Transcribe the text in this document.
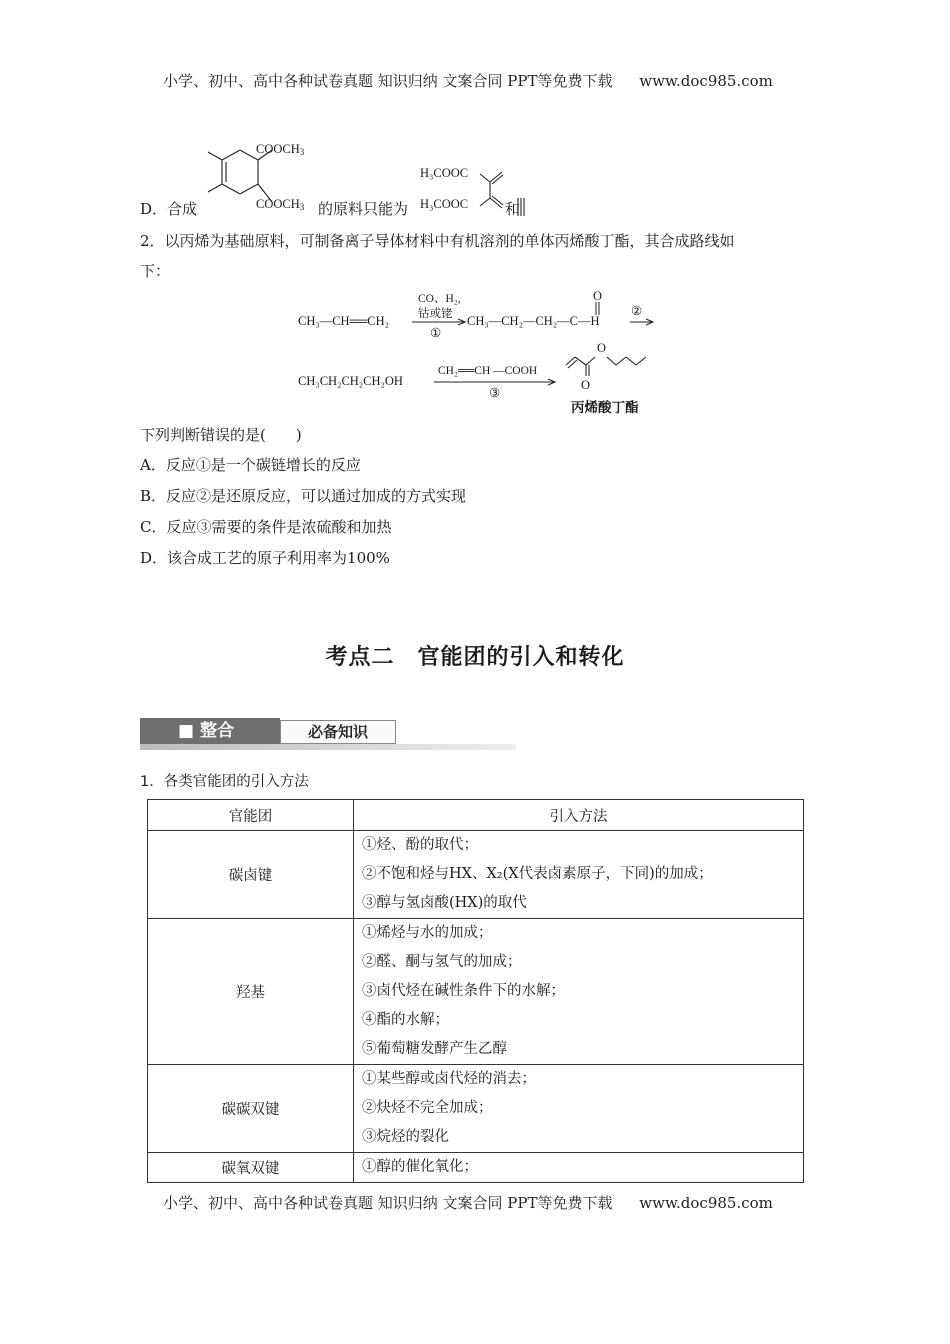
小学、初中、高中各种试卷真题 知识归纳 文案合同 PPT等免费下载 www.doc985.com
D．合成
$COOCH_3$
$COOCH_3$ 的原料只能为
H₃COOC
H₃COOC 和
2．以丙烯为基础原料，可制备离子导体材料中有机溶剂的单体丙烯酸丁酯，其合成路线如
下：
CH₃—CH══CH₂
CO、H₂,
钴或铑
①
CH₃—CH₂—CH₂—C—H
O
②
CH₃CH₂CH₂CH₂OH
CH₂══CH —COOH
③
O
O
丙烯酸丁酯
下列判断错误的是(　　)
A．反应①是一个碳链增长的反应
B．反应②是还原反应，可以通过加成的方式实现
C．反应③需要的条件是浓硫酸和加热
D．该合成工艺的原子利用率为100%
考点二　官能团的引入和转化
■ 整合	必备知识
1．各类官能团的引入方法
官能团	引入方法
碳卤键	①烃、酚的取代；
②不饱和烃与HX、X₂(X代表卤素原子，下同)的加成；
③醇与氢卤酸(HX)的取代

羟基	①烯烃与水的加成；
②醛、酮与氢气的加成；
③卤代烃在碱性条件下的水解；
④酯的水解；
⑤葡萄糖发酵产生乙醇

碳碳双键	①某些醇或卤代烃的消去；
②炔烃不完全加成；
③烷烃的裂化

碳氧双键	①醇的催化氧化；
小学、初中、高中各种试卷真题 知识归纳 文案合同 PPT等免费下载 www.doc985.com
